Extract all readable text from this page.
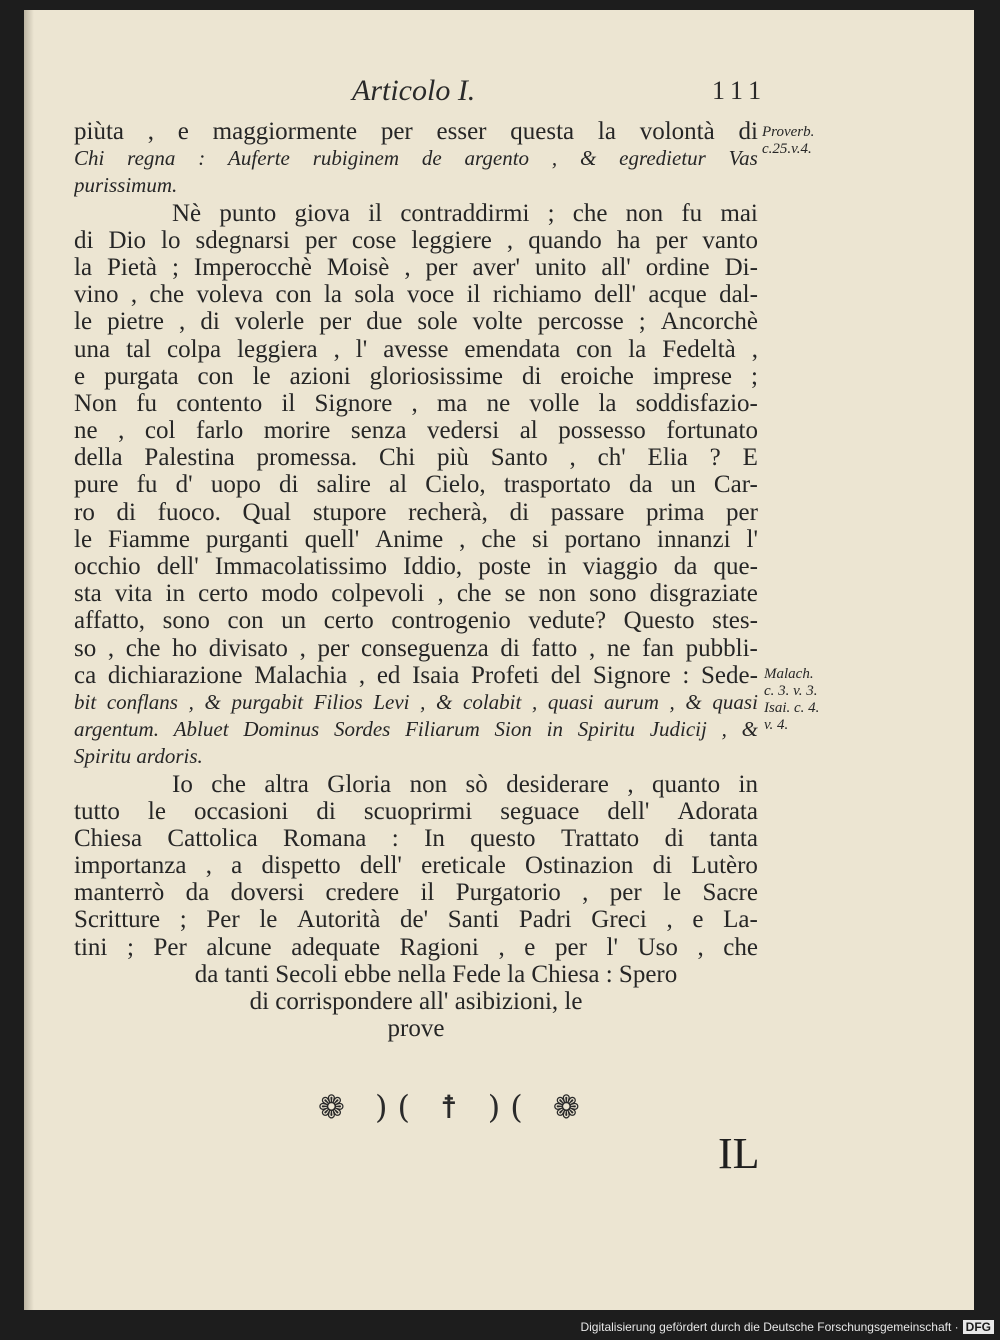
Articolo I.	111
piùta , e maggiormente per esser questa la volontà di
Chi regna : Auferte rubiginem de argento , & egredietur Vas
purissimum.
Nè punto giova il contraddirmi ; che non fu mai
di Dio lo sdegnarsi per cose leggiere , quando ha per vanto
la Pietà ; Imperocchè Moisè , per aver' unito all' ordine Di-
vino , che voleva con la sola voce il richiamo dell' acque dal-
le pietre , di volerle per due sole volte percosse ; Ancorchè
una tal colpa leggiera , l' avesse emendata con la Fedeltà ,
e purgata con le azioni gloriosissime di eroiche imprese ;
Non fu contento il Signore , ma ne volle la soddisfazio-
ne , col farlo morire senza vedersi al possesso fortunato
della Palestina promessa. Chi più Santo , ch' Elia ? E
pure fu d' uopo di salire al Cielo, trasportato da un Car-
ro di fuoco. Qual stupore recherà, di passare prima per
le Fiamme purganti quell' Anime , che si portano innanzi l'
occhio dell' Immacolatissimo Iddio, poste in viaggio da que-
sta vita in certo modo colpevoli , che se non sono disgraziate
affatto, sono con un certo controgenio vedute? Questo stes-
so , che ho divisato , per conseguenza di fatto , ne fan pubbli-
ca dichiarazione Malachia , ed Isaia Profeti del Signore : Sede-
bit conflans , & purgabit Filios Levi , & colabit , quasi aurum , & quasi
argentum. Abluet Dominus Sordes Filiarum Sion in Spiritu Judicij , &
Spiritu ardoris.
Io che altra Gloria non sò desiderare , quanto in
tutto le occasioni di scuoprirmi seguace dell' Adorata
Chiesa Cattolica Romana : In questo Trattato di tanta
importanza , a dispetto dell' ereticale Ostinazion di Lutèro
manterrò da doversi credere il Purgatorio , per le Sacre
Scritture ; Per le Autorità de' Santi Padri Greci , e La-
tini ; Per alcune adequate Ragioni , e per l' Uso , che
da tanti Secoli ebbe nella Fede la Chiesa : Spero
di corrispondere all' asibizioni, le
prove
Proverb.
c.25.v.4.
Malach.
c. 3. v. 3.
Isai. c. 4.
v. 4.
❁ )( ☨ )( ❁
IL
Digitalisierung gefördert durch die Deutsche Forschungsgemeinschaft · DFG
